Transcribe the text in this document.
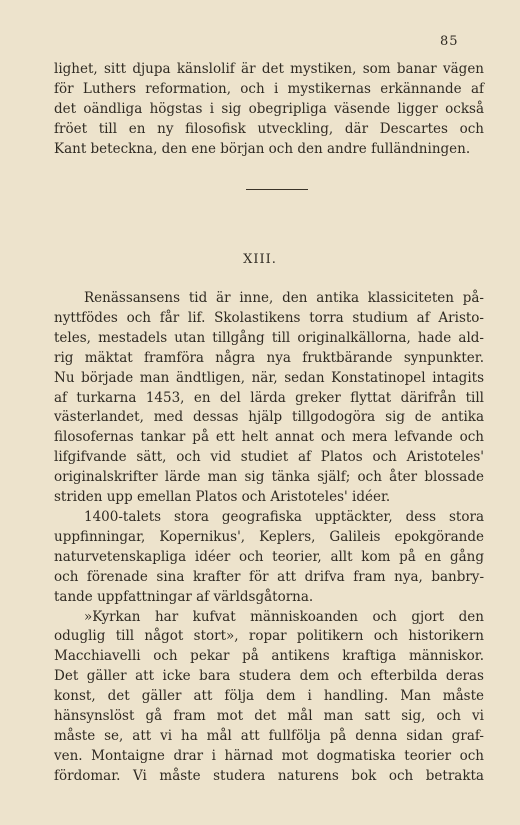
85
lighet, sitt djupa känslolif är det mystiken, som banar vägen
för Luthers reformation, och i mystikernas erkännande af
det oändliga högstas i sig obegripliga väsende ligger också
fröet till en ny filosofisk utveckling, där Descartes och
Kant beteckna, den ene början och den andre fulländningen.
XIII.
Renässansens tid är inne, den antika klassiciteten på-
nyttfödes och får lif. Skolastikens torra studium af Aristo-
teles, mestadels utan tillgång till originalkällorna, hade ald-
rig mäktat framföra några nya fruktbärande synpunkter.
Nu började man ändtligen, när, sedan Konstatinopel intagits
af turkarna 1453, en del lärda greker flyttat därifrån till
västerlandet, med dessas hjälp tillgodogöra sig de antika
filosofernas tankar på ett helt annat och mera lefvande och
lifgifvande sätt, och vid studiet af Platos och Aristoteles'
originalskrifter lärde man sig tänka själf; och åter blossade
striden upp emellan Platos och Aristoteles' idéer.
1400-talets stora geografiska upptäckter, dess stora
uppfinningar, Kopernikus', Keplers, Galileis epokgörande
naturvetenskapliga idéer och teorier, allt kom på en gång
och förenade sina krafter för att drifva fram nya, banbry-
tande uppfattningar af världsgåtorna.
»Kyrkan har kufvat människoanden och gjort den
oduglig till något stort», ropar politikern och historikern
Macchiavelli och pekar på antikens kraftiga människor.
Det gäller att icke bara studera dem och efterbilda deras
konst, det gäller att följa dem i handling. Man måste
hänsynslöst gå fram mot det mål man satt sig, och vi
måste se, att vi ha mål att fullfölja på denna sidan graf-
ven. Montaigne drar i härnad mot dogmatiska teorier och
fördomar. Vi måste studera naturens bok och betrakta
